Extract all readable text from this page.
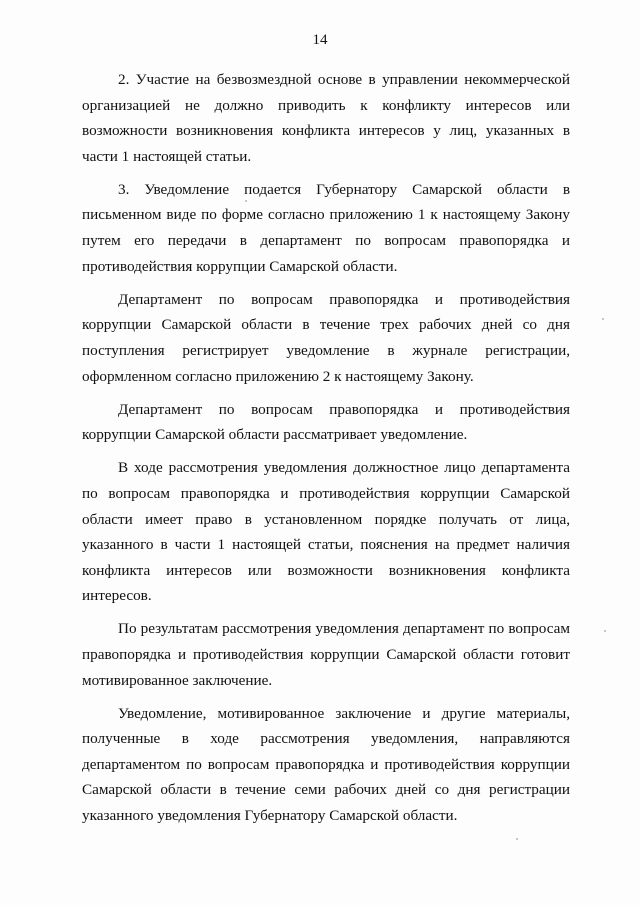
14

2. Участие на безвозмездной основе в управлении некоммерческой организацией не должно приводить к конфликту интересов или возможности возникновения конфликта интересов у лиц, указанных в части 1 настоящей статьи.

3. Уведомление подается Губернатору Самарской области в письменном виде по форме согласно приложению 1 к настоящему Закону путем его передачи в департамент по вопросам правопорядка и противодействия коррупции Самарской области.

Департамент по вопросам правопорядка и противодействия коррупции Самарской области в течение трех рабочих дней со дня поступления регистрирует уведомление в журнале регистрации, оформленном согласно приложению 2 к настоящему Закону.

Департамент по вопросам правопорядка и противодействия коррупции Самарской области рассматривает уведомление.

В ходе рассмотрения уведомления должностное лицо департамента по вопросам правопорядка и противодействия коррупции Самарской области имеет право в установленном порядке получать от лица, указанного в части 1 настоящей статьи, пояснения на предмет наличия конфликта интересов или возможности возникновения конфликта интересов.

По результатам рассмотрения уведомления департамент по вопросам правопорядка и противодействия коррупции Самарской области готовит мотивированное заключение.

Уведомление, мотивированное заключение и другие материалы, полученные в ходе рассмотрения уведомления, направляются департаментом по вопросам правопорядка и противодействия коррупции Самарской области в течение семи рабочих дней со дня регистрации указанного уведомления Губернатору Самарской области.
